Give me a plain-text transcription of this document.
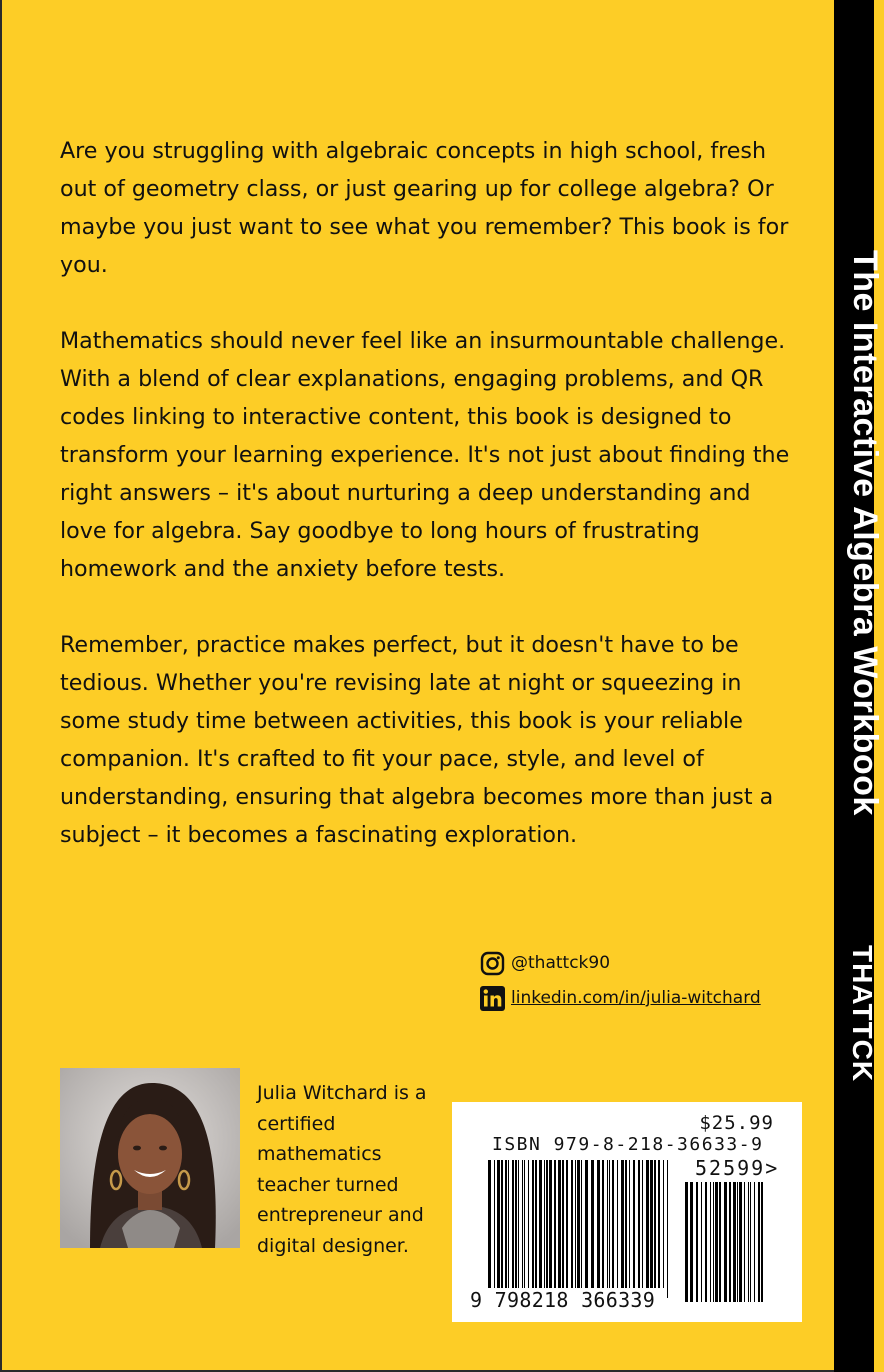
The Interactive Algebra Workbook
THATTCK

Are you struggling with algebraic concepts in high school, fresh out of geometry class, or just gearing up for college algebra? Or maybe you just want to see what you remember? This book is for you.

Mathematics should never feel like an insurmountable challenge. With a blend of clear explanations, engaging problems, and QR codes linking to interactive content, this book is designed to transform your learning experience. It's not just about finding the right answers – it's about nurturing a deep understanding and love for algebra. Say goodbye to long hours of frustrating homework and the anxiety before tests.

Remember, practice makes perfect, but it doesn't have to be tedious. Whether you're revising late at night or squeezing in some study time between activities, this book is your reliable companion. It's crafted to fit your pace, style, and level of understanding, ensuring that algebra becomes more than just a subject – it becomes a fascinating exploration.

@thattck90
linkedin.com/in/julia-witchard
Julia Witchard is a certified mathematics teacher turned entrepreneur and digital designer.
$25.99
ISBN 979-8-218-36633-9
52599>
9 798218 366339
